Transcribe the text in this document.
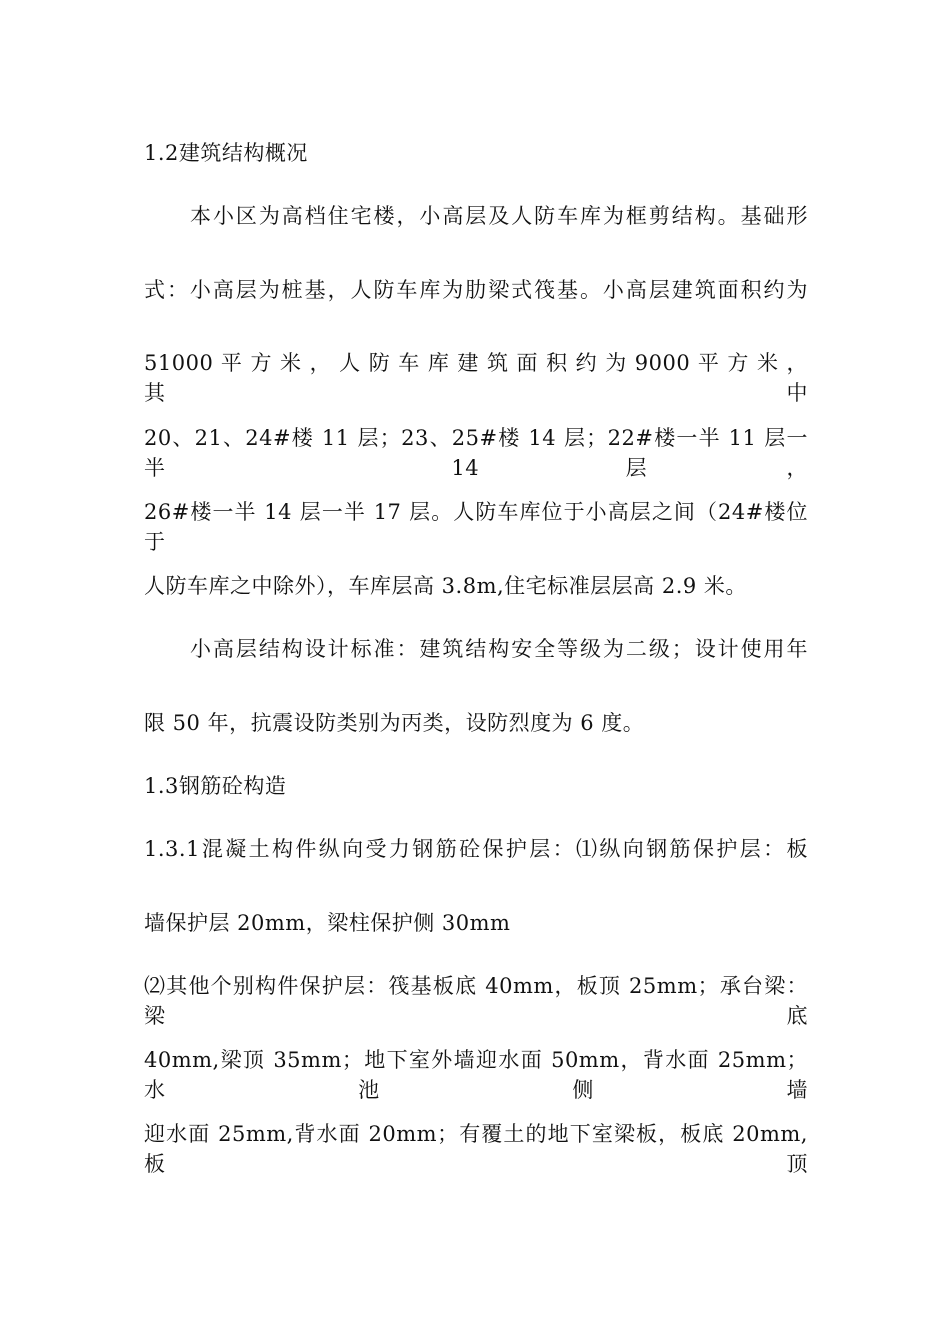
1.2建筑结构概况
本小区为高档住宅楼，小高层及人防车库为框剪结构。基础形
式：小高层为桩基，人防车库为肋梁式筏基。小高层建筑面积约为
51000 平 方 米 ， 人 防 车 库 建 筑 面 积 约 为 9000 平 方 米 ， 其 中
20、21、24#楼 11 层；23、25#楼 14 层；22#楼一半 11 层一半 14 层，
26#楼一半 14 层一半 17 层。人防车库位于小高层之间（24#楼位于
人防车库之中除外），车库层高 3.8m,住宅标准层层高 2.9 米。
小高层结构设计标准：建筑结构安全等级为二级；设计使用年
限 50 年，抗震设防类别为丙类，设防烈度为 6 度。
1.3钢筋砼构造
1.3.1混凝土构件纵向受力钢筋砼保护层：⑴纵向钢筋保护层：板
墙保护层 20mm，梁柱保护侧 30mm
⑵其他个别构件保护层：筏基板底 40mm，板顶 25mm；承台梁：梁底
40mm,梁顶 35mm；地下室外墙迎水面 50mm，背水面 25mm；水池侧墙
迎水面 25mm,背水面 20mm；有覆土的地下室梁板，板底 20mm,板顶
